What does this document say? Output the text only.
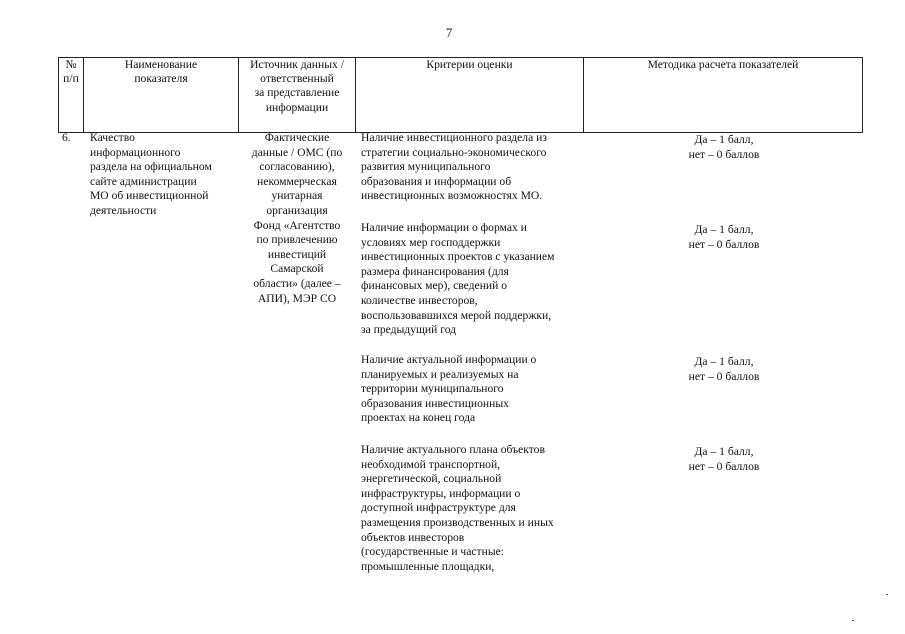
7
№
п/п
Наименование
показателя
Источник данных /
ответственный
за представление
информации
Критерии оценки	Методика расчета показателей
6. Качество
информационного
раздела на официальном
сайте администрации
МО об инвестиционной
деятельности
Фактические
данные / ОМС (по
согласованию),
некоммерческая
унитарная
организация
Фонд «Агентство
по привлечению
инвестиций
Самарской
области» (далее –
АПИ), МЭР СО
Наличие инвестиционного раздела из
стратегии социально-экономического
развития муниципального
образования и информации об
инвестиционных возможностях МО.
Наличие информации о формах и
условиях мер господдержки
инвестиционных проектов с указанием
размера финансирования (для
финансовых мер), сведений о
количестве инвесторов,
воспользовавшихся мерой поддержки,
за предыдущий год
Наличие актуальной информации о
планируемых и реализуемых на
территории муниципального
образования инвестиционных
проектах на конец года
Наличие актуального плана объектов
необходимой транспортной,
энергетической, социальной
инфраструктуры, информации о
доступной инфраструктуре для
размещения производственных и иных
объектов инвесторов
(государственные и частные:
промышленные площадки,
Да – 1 балл,
нет – 0 баллов
Да – 1 балл,
нет – 0 баллов
Да – 1 балл,
нет – 0 баллов
Да – 1 балл,
нет – 0 баллов
